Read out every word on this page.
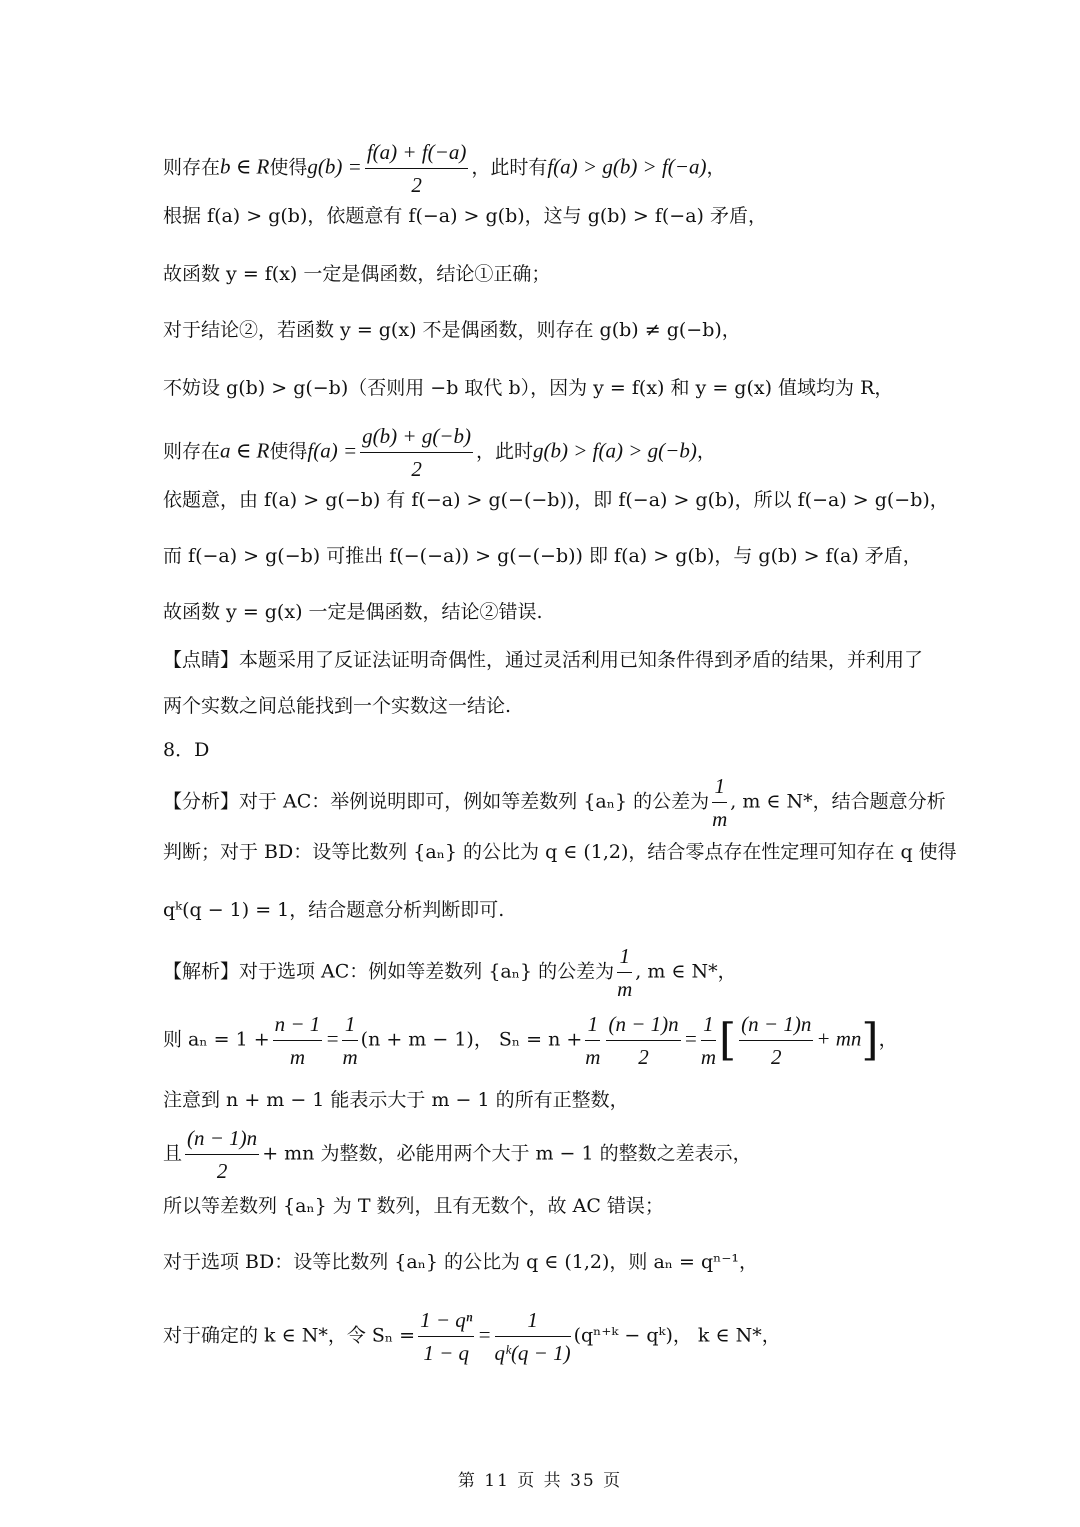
则存在b ∈ R使得$g(b) = \frac{f(a) + f(-a)}{2}$ ，此时有f(a) > g(b) > f(−a)，
根据 f(a) > g(b)，依题意有 f(−a) > g(b)，这与 g(b) > f(−a) 矛盾，
故函数 y = f(x) 一定是偶函数，结论①正确；
对于结论②，若函数 y = g(x) 不是偶函数，则存在 g(b) ≠ g(−b)，
不妨设 g(b) > g(−b)（否则用 −b 取代 b），因为 y = f(x) 和 y = g(x) 值域均为 R，
则存在a ∈ R使得$f(a) = \frac{g(b) + g(-b)}{2}$ ，此时g(b) > f(a) > g(−b)，
依题意，由 f(a) > g(−b) 有 f(−a) > g(−(−b))，即 f(−a) > g(b)，所以 f(−a) > g(−b)，
而 f(−a) > g(−b) 可推出 f(−(−a)) > g(−(−b)) 即 f(a) > g(b)，与 g(b) > f(a) 矛盾，
故函数 y = g(x) 一定是偶函数，结论②错误.
【点睛】本题采用了反证法证明奇偶性，通过灵活利用已知条件得到矛盾的结果，并利用了
两个实数之间总能找到一个实数这一结论.
8．D
【分析】对于 AC：举例说明即可，例如等差数列 {aₙ} 的公差为 $\frac{1}{m}$ , m ∈ N*，结合题意分析
判断；对于 BD：设等比数列 {aₙ} 的公比为 q ∈ (1,2)，结合零点存在性定理可知存在 q 使得
qᵏ(q − 1) = 1，结合题意分析判断即可.
【解析】对于选项 AC：例如等差数列 {aₙ} 的公差为 $\frac{1}{m}$ , m ∈ N*，
则 $a_n = 1 + \frac{n - 1}{m} = \frac{1}{m} (n + m - 1)$， $S_n = n + \frac{1}{m} \frac{(n - 1)n}{2} = \frac{1}{m}$ [ $\frac{(n - 1)n}{2} + mn$]，
注意到 n + m − 1 能表示大于 m − 1 的所有正整数，
且 $\frac{(n - 1)n}{2}$ + mn 为整数，必能用两个大于 m − 1 的整数之差表示，
所以等差数列 {aₙ} 为 T 数列，且有无数个，故 AC 错误；
对于选项 BD：设等比数列 {aₙ} 的公比为 q ∈ (1,2)，则 aₙ = qⁿ⁻¹，
对于确定的 k ∈ N*，令 $S_n = \frac{\text{1 − qⁿ}}{1 - q} = \frac{1}{\text{qᵏ(q − 1)}}$ (qⁿ⁺ᵏ − qᵏ)， k ∈ N*，
第 11 页 共 35 页
